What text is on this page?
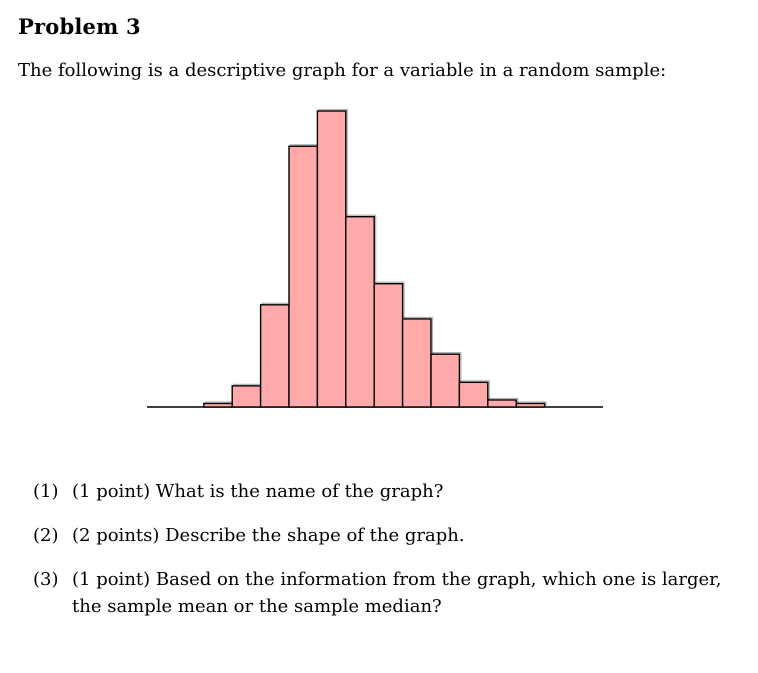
Problem 3
The following is a descriptive graph for a variable in a random sample:
(1) (1 point) What is the name of the graph?
(2) (2 points) Describe the shape of the graph.
(3) (1 point) Based on the information from the graph, which one is larger, the sample mean or the sample median?
